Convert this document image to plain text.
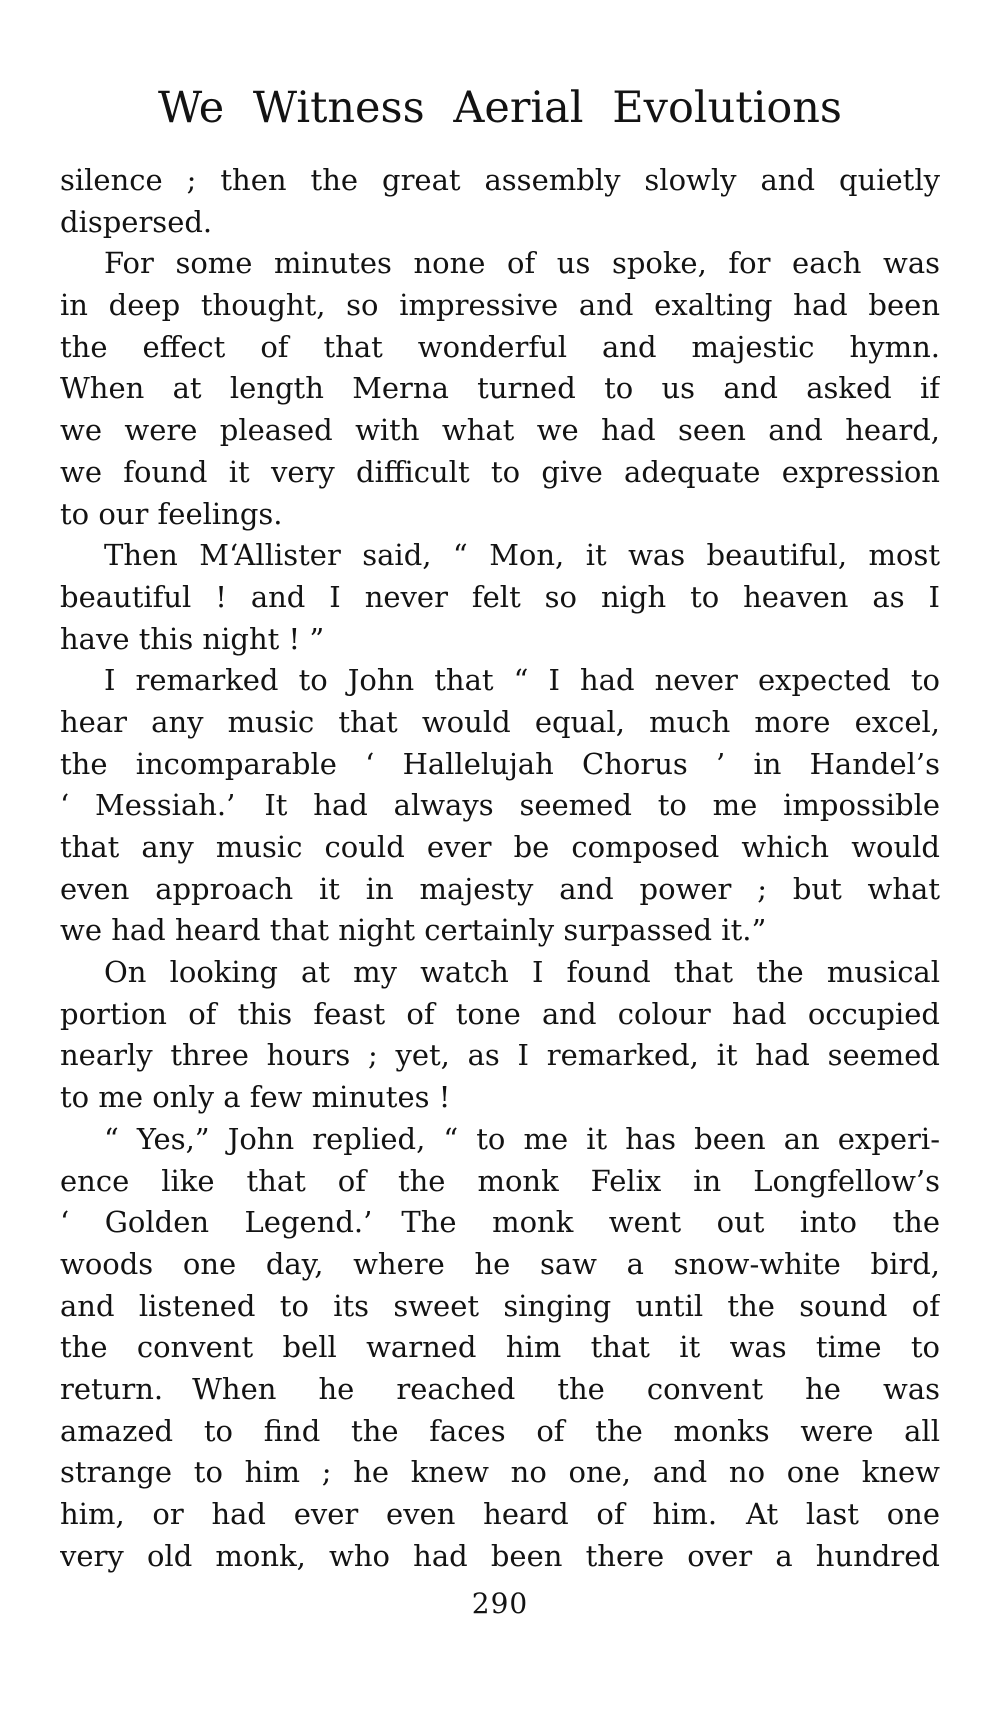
We Witness Aerial Evolutions
silence ; then the great assembly slowly and quietly
dispersed.
For some minutes none of us spoke, for each was
in deep thought, so impressive and exalting had been
the effect of that wonderful and majestic hymn.
When at length Merna turned to us and asked if
we were pleased with what we had seen and heard,
we found it very difficult to give adequate expression
to our feelings.
Then M‘Allister said, “ Mon, it was beautiful, most
beautiful ! and I never felt so nigh to heaven as I
have this night ! ”
I remarked to John that “ I had never expected to
hear any music that would equal, much more excel,
the incomparable ‘ Hallelujah Chorus ’ in Handel’s
‘ Messiah.’ It had always seemed to me impossible
that any music could ever be composed which would
even approach it in majesty and power ; but what
we had heard that night certainly surpassed it.”
On looking at my watch I found that the musical
portion of this feast of tone and colour had occupied
nearly three hours ; yet, as I remarked, it had seemed
to me only a few minutes !
“ Yes,” John replied, “ to me it has been an experi-
ence like that of the monk Felix in Longfellow’s
‘ Golden Legend.’ The monk went out into the
woods one day, where he saw a snow-white bird,
and listened to its sweet singing until the sound of
the convent bell warned him that it was time to
return. When he reached the convent he was
amazed to find the faces of the monks were all
strange to him ; he knew no one, and no one knew
him, or had ever even heard of him. At last one
very old monk, who had been there over a hundred
290
